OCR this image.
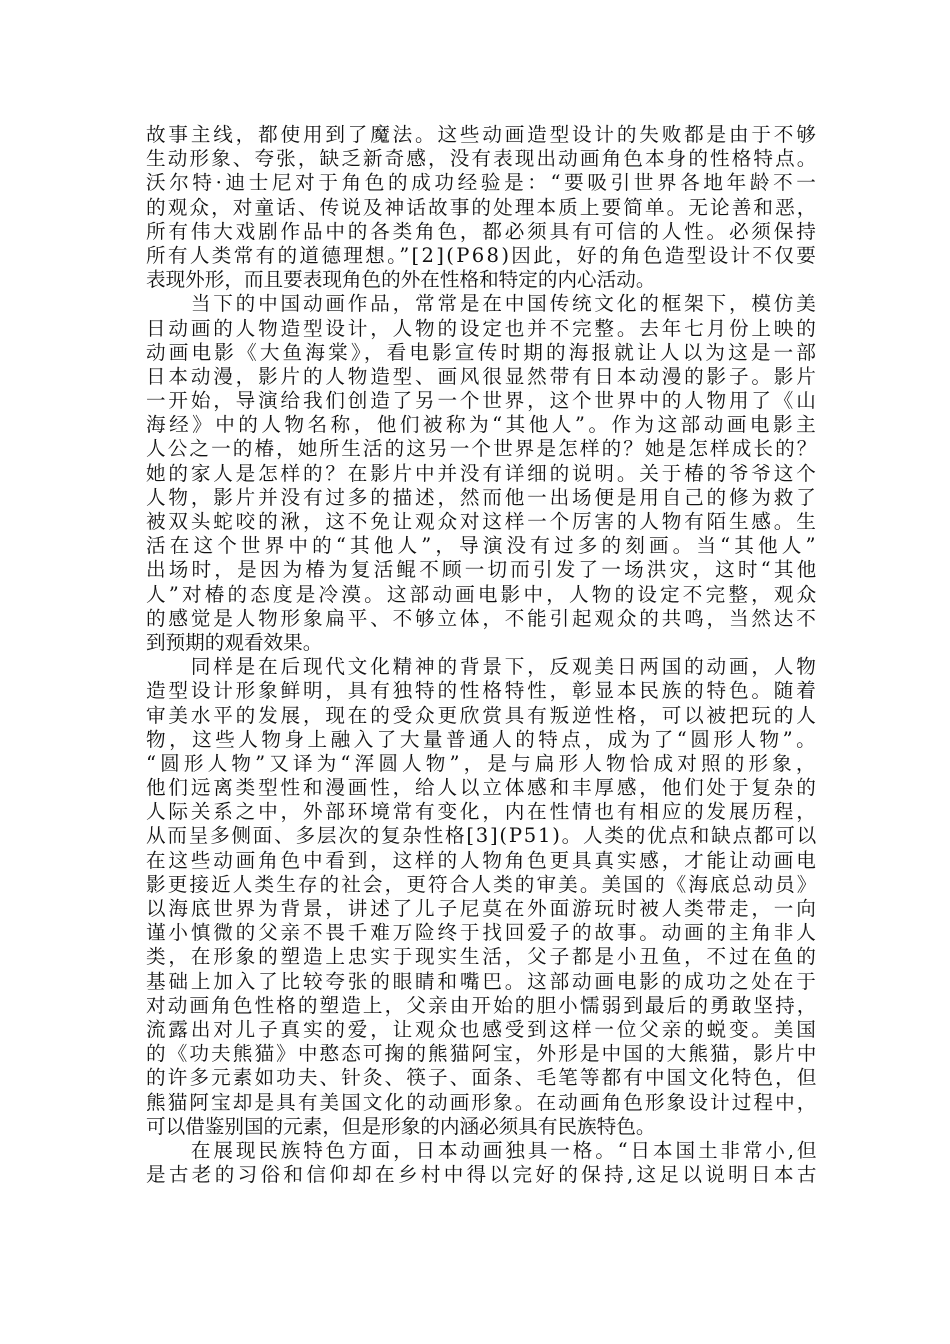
故事主线，都使用到了魔法。这些动画造型设计的失败都是由于不够
生动形象、夸张，缺乏新奇感，没有表现出动画角色本身的性格特点。
沃尔特·迪士尼对于角色的成功经验是：“要吸引世界各地年龄不一
的观众，对童话、传说及神话故事的处理本质上要简单。无论善和恶，
所有伟大戏剧作品中的各类角色，都必须具有可信的人性。必须保持
所有人类常有的道德理想。”[2](P68)因此，好的角色造型设计不仅要
表现外形，而且要表现角色的外在性格和特定的内心活动。
　　当下的中国动画作品，常常是在中国传统文化的框架下，模仿美
日动画的人物造型设计，人物的设定也并不完整。去年七月份上映的
动画电影《大鱼海棠》，看电影宣传时期的海报就让人以为这是一部
日本动漫，影片的人物造型、画风很显然带有日本动漫的影子。影片
一开始，导演给我们创造了另一个世界，这个世界中的人物用了《山
海经》中的人物名称，他们被称为“其他人”。作为这部动画电影主
人公之一的椿，她所生活的这另一个世界是怎样的？她是怎样成长的？
她的家人是怎样的？在影片中并没有详细的说明。关于椿的爷爷这个
人物，影片并没有过多的描述，然而他一出场便是用自己的修为救了
被双头蛇咬的湫，这不免让观众对这样一个厉害的人物有陌生感。生
活在这个世界中的“其他人”，导演没有过多的刻画。当“其他人”
出场时，是因为椿为复活鲲不顾一切而引发了一场洪灾，这时“其他
人”对椿的态度是冷漠。这部动画电影中，人物的设定不完整，观众
的感觉是人物形象扁平、不够立体，不能引起观众的共鸣，当然达不
到预期的观看效果。
　　同样是在后现代文化精神的背景下，反观美日两国的动画，人物
造型设计形象鲜明，具有独特的性格特性，彰显本民族的特色。随着
审美水平的发展，现在的受众更欣赏具有叛逆性格，可以被把玩的人
物，这些人物身上融入了大量普通人的特点，成为了“圆形人物”。
“圆形人物”又译为“浑圆人物”，是与扁形人物恰成对照的形象，
他们远离类型性和漫画性，给人以立体感和丰厚感，他们处于复杂的
人际关系之中，外部环境常有变化，内在性情也有相应的发展历程，
从而呈多侧面、多层次的复杂性格[3](P51)。人类的优点和缺点都可以
在这些动画角色中看到，这样的人物角色更具真实感，才能让动画电
影更接近人类生存的社会，更符合人类的审美。美国的《海底总动员》
以海底世界为背景，讲述了儿子尼莫在外面游玩时被人类带走，一向
谨小慎微的父亲不畏千难万险终于找回爱子的故事。动画的主角非人
类，在形象的塑造上忠实于现实生活，父子都是小丑鱼，不过在鱼的
基础上加入了比较夸张的眼睛和嘴巴。这部动画电影的成功之处在于
对动画角色性格的塑造上，父亲由开始的胆小懦弱到最后的勇敢坚持，
流露出对儿子真实的爱，让观众也感受到这样一位父亲的蜕变。美国
的《功夫熊猫》中憨态可掬的熊猫阿宝，外形是中国的大熊猫，影片中
的许多元素如功夫、针灸、筷子、面条、毛笔等都有中国文化特色，但
熊猫阿宝却是具有美国文化的动画形象。在动画角色形象设计过程中，
可以借鉴别国的元素，但是形象的内涵必须具有民族特色。
　　在展现民族特色方面，日本动画独具一格。“日本国土非常小,但
是古老的习俗和信仰却在乡村中得以完好的保持,这足以说明日本古
